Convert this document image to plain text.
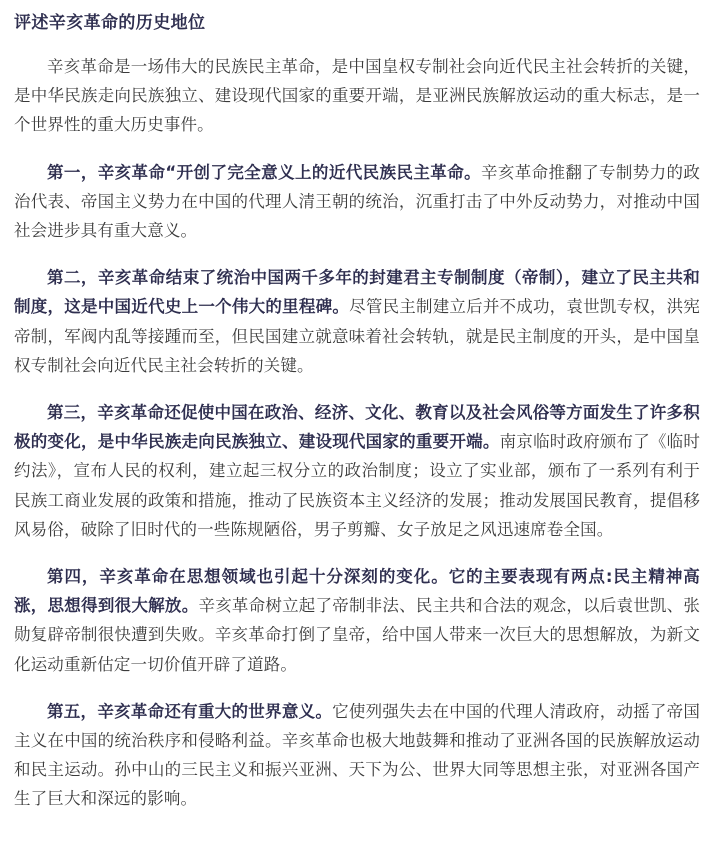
评述辛亥革命的历史地位

辛亥革命是一场伟大的民族民主革命，是中国皇权专制社会向近代民主社会转折的关键，是中华民族走向民族独立、建设现代国家的重要开端，是亚洲民族解放运动的重大标志，是一个世界性的重大历史事件。

第一，辛亥革命“开创了完全意义上的近代民族民主革命。辛亥革命推翻了专制势力的政治代表、帝国主义势力在中国的代理人清王朝的统治，沉重打击了中外反动势力，对推动中国社会进步具有重大意义。

第二，辛亥革命结束了统治中国两千多年的封建君主专制制度（帝制），建立了民主共和制度，这是中国近代史上一个伟大的里程碑。尽管民主制建立后并不成功，袁世凯专权，洪宪帝制，军阀内乱等接踵而至，但民国建立就意味着社会转轨，就是民主制度的开头，是中国皇权专制社会向近代民主社会转折的关键。

第三，辛亥革命还促使中国在政治、经济、文化、教育以及社会风俗等方面发生了许多积极的变化，是中华民族走向民族独立、建设现代国家的重要开端。南京临时政府颁布了《临时约法》，宣布人民的权利，建立起三权分立的政治制度；设立了实业部，颁布了一系列有利于民族工商业发展的政策和措施，推动了民族资本主义经济的发展；推动发展国民教育，提倡移风易俗，破除了旧时代的一些陈规陋俗，男子剪瓣、女子放足之风迅速席卷全国。

第四，辛亥革命在思想领域也引起十分深刻的变化。它的主要表现有两点:民主精神高涨，思想得到很大解放。辛亥革命树立起了帝制非法、民主共和合法的观念，以后袁世凯、张勋复辟帝制很快遭到失败。辛亥革命打倒了皇帝，给中国人带来一次巨大的思想解放，为新文化运动重新估定一切价值开辟了道路。

第五，辛亥革命还有重大的世界意义。它使列强失去在中国的代理人清政府，动摇了帝国主义在中国的统治秩序和侵略利益。辛亥革命也极大地鼓舞和推动了亚洲各国的民族解放运动和民主运动。孙中山的三民主义和振兴亚洲、天下为公、世界大同等思想主张，对亚洲各国产生了巨大和深远的影响。
